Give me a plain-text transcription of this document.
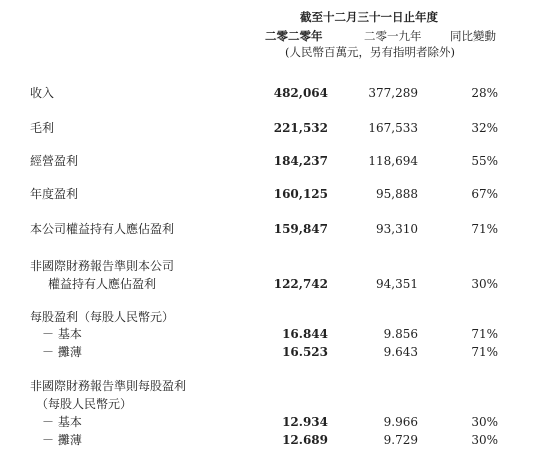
截至十二月三十一日止年度
二零二零年	二零一九年 同比變動
(人民幣百萬元，另有指明者除外)
收入	482,064	377,289	28%
毛利	221,532	167,533	32%
經營盈利	184,237	118,694	55%
年度盈利	160,125	95,888	67%
本公司權益持有人應佔盈利	159,847	93,310	71%
非國際財務報告準則本公司
權益持有人應佔盈利	122,742	94,351	30%
每股盈利（每股人民幣元）
－ 基本	16.844	9.856	71%
－ 攤薄	16.523	9.643	71%
非國際財務報告準則每股盈利
（每股人民幣元）
－ 基本	12.934	9.966	30%
－ 攤薄	12.689	9.729	30%
